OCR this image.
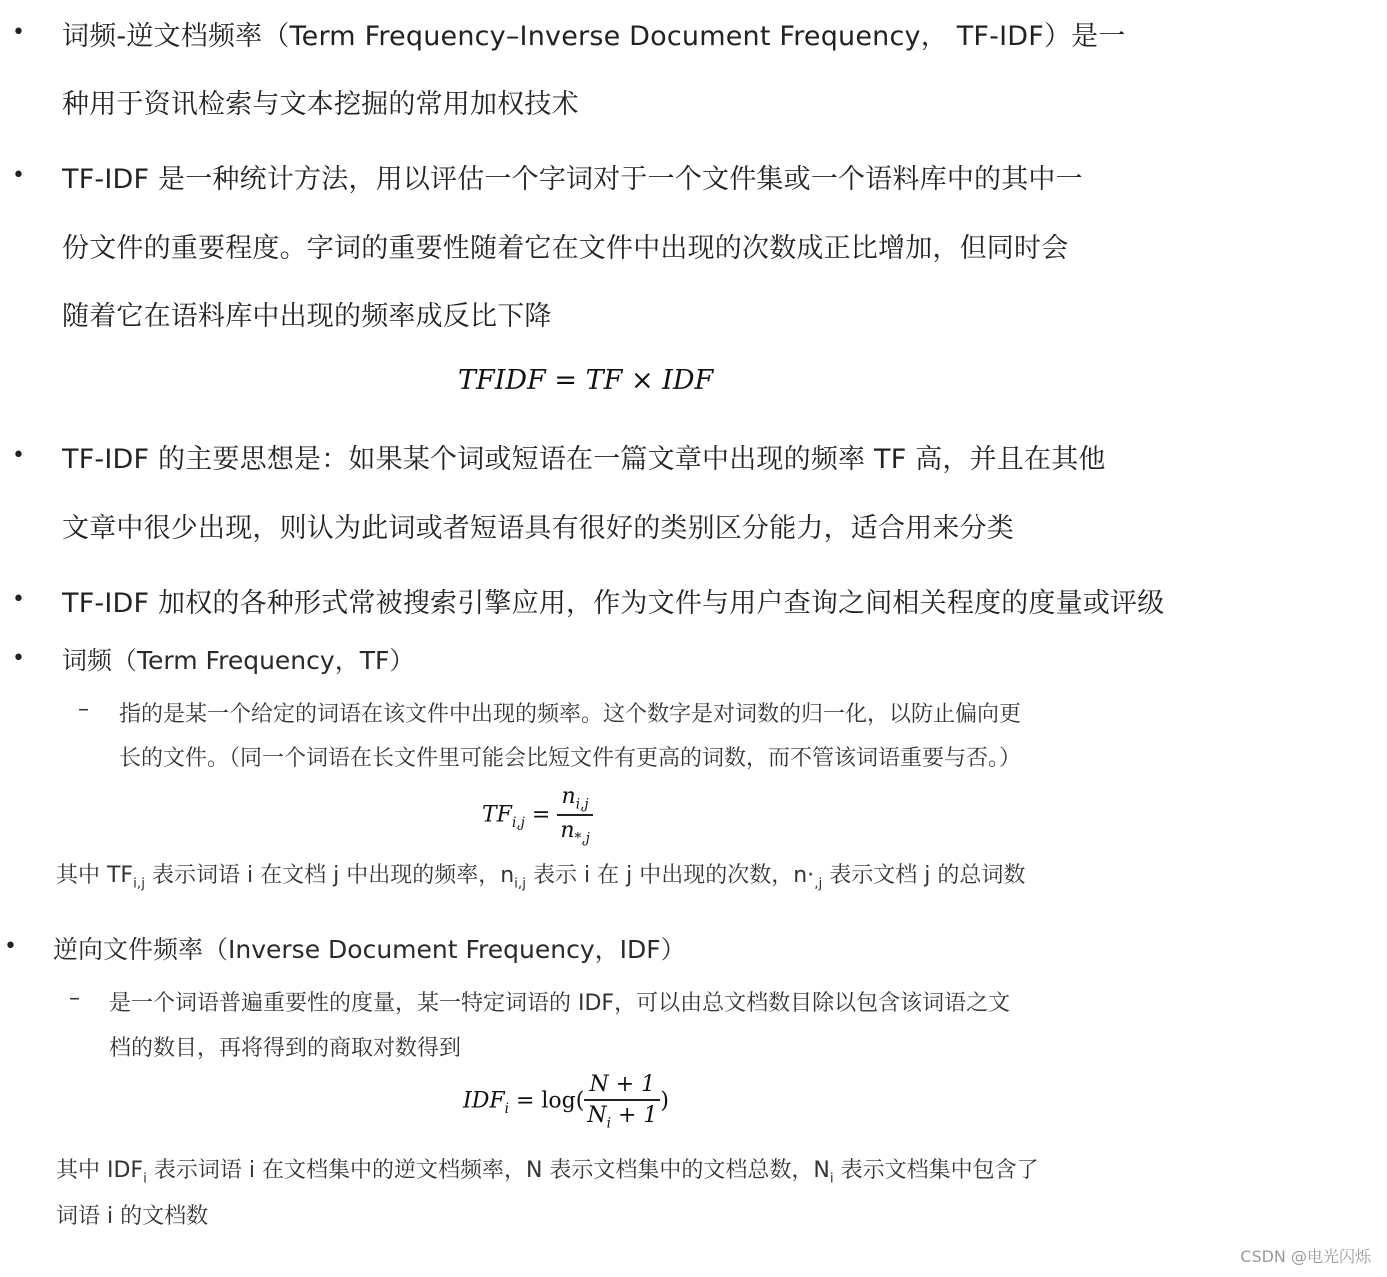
• 词频-逆文档频率（Term Frequency–Inverse Document Frequency， TF-IDF）是一
种用于资讯检索与文本挖掘的常用加权技术
• TF-IDF 是一种统计方法，用以评估一个字词对于一个文件集或一个语料库中的其中一
份文件的重要程度。字词的重要性随着它在文件中出现的次数成正比增加，但同时会
随着它在语料库中出现的频率成反比下降
TFIDF = TF × IDF
• TF-IDF 的主要思想是：如果某个词或短语在一篇文章中出现的频率 TF 高，并且在其他
文章中很少出现，则认为此词或者短语具有很好的类别区分能力，适合用来分类
• TF-IDF 加权的各种形式常被搜索引擎应用，作为文件与用户查询之间相关程度的度量或评级
• 词频（Term Frequency，TF）
– 指的是某一个给定的词语在该文件中出现的频率。这个数字是对词数的归一化，以防止偏向更
长的文件。（同一个词语在长文件里可能会比短文件有更高的词数，而不管该词语重要与否。）
$TF_{i,j} = \frac{n_{i,j}}{n_{*,j}}$
其中 $TF_{i,j}$ 表示词语 i 在文档 j 中出现的频率，$n_{i,j}$ 表示 i 在 j 中出现的次数，$n\cdot_{,j}$ 表示文档 j 的总词数
• 逆向文件频率（Inverse Document Frequency，IDF）
– 是一个词语普遍重要性的度量，某一特定词语的 IDF，可以由总文档数目除以包含该词语之文
档的数目，再将得到的商取对数得到
$IDF_i = \log( \frac{N + 1}{N_i + 1}$ )
其中 $IDF_i$ 表示词语 i 在文档集中的逆文档频率，N 表示文档集中的文档总数，$N_i$ 表示文档集中包含了
词语 i 的文档数
CSDN @电光闪烁
